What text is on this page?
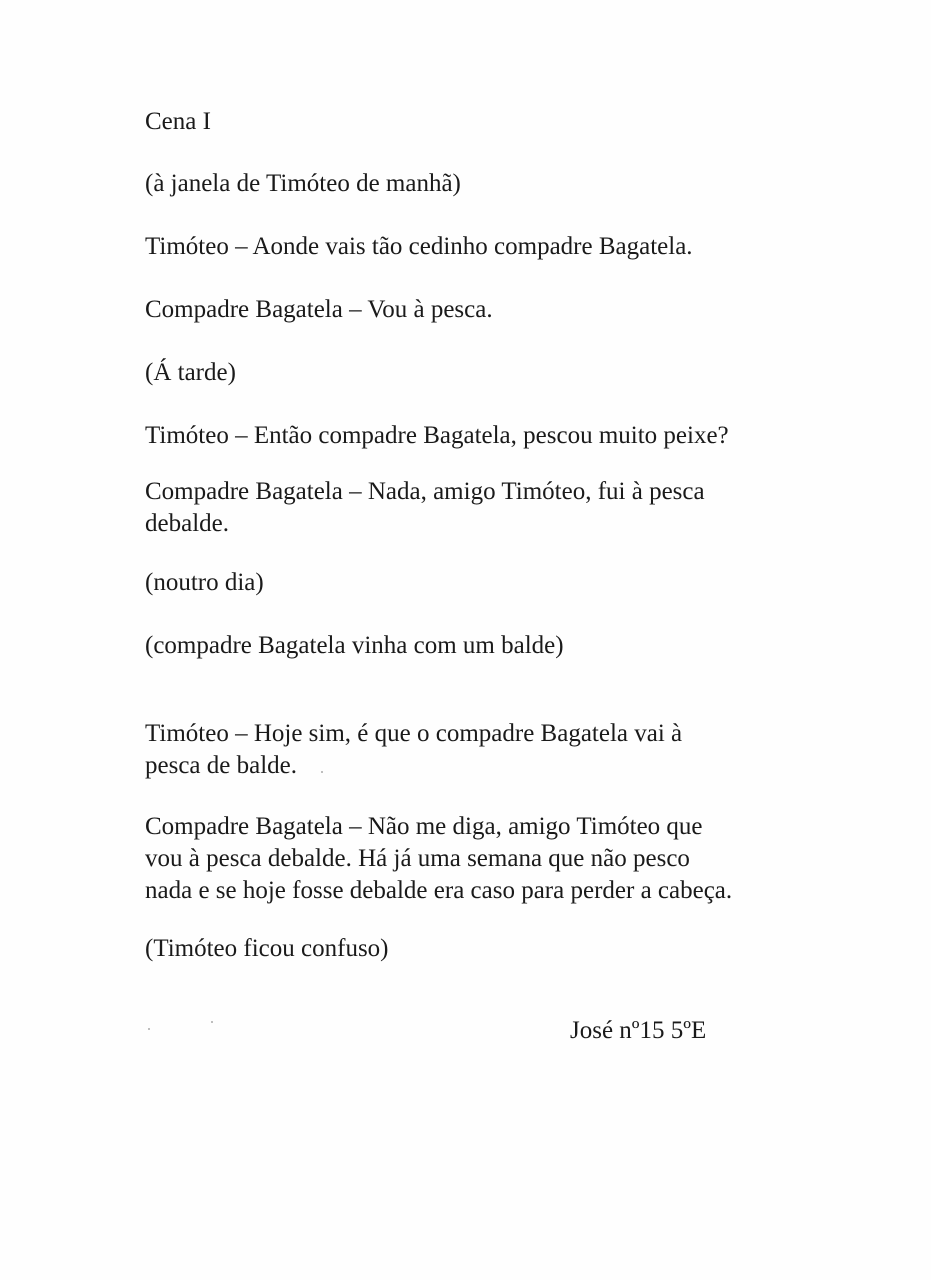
Cena I

(à janela de Timóteo de manhã)

Timóteo – Aonde vais tão cedinho compadre Bagatela.

Compadre Bagatela – Vou à pesca.

(Á tarde)

Timóteo – Então compadre Bagatela, pescou muito peixe?

Compadre Bagatela – Nada, amigo Timóteo, fui à pesca
debalde.

(noutro dia)

(compadre Bagatela vinha com um balde)

Timóteo – Hoje sim, é que o compadre Bagatela vai à
pesca de balde.

Compadre Bagatela – Não me diga, amigo Timóteo que
vou à pesca debalde. Há já uma semana que não pesco
nada e se hoje fosse debalde era caso para perder a cabeça.

(Timóteo ficou confuso)

José nº15 5ºE
